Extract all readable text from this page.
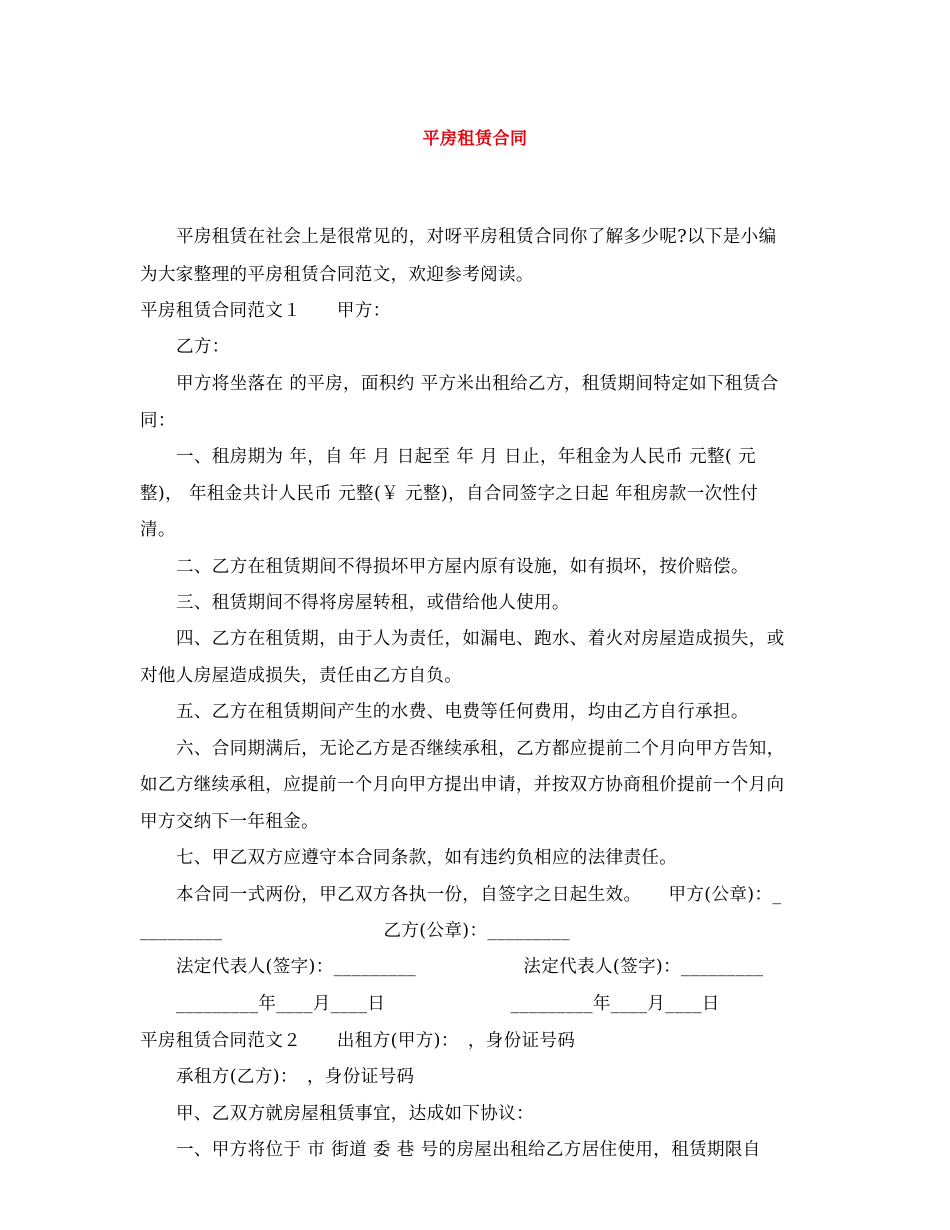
平房租赁合同
平房租赁在社会上是很常见的，对呀平房租赁合同你了解多少呢?以下是小编
为大家整理的平房租赁合同范文，欢迎参考阅读。
平房租赁合同范文１　　甲方：
乙方：
甲方将坐落在 的平房，面积约 平方米出租给乙方，租赁期间特定如下租赁合
同：
一、租房期为 年，自 年 月 日起至 年 月 日止，年租金为人民币 元整( 元
整)， 年租金共计人民币 元整(￥ 元整)，自合同签字之日起 年租房款一次性付
清。
二、乙方在租赁期间不得损坏甲方屋内原有设施，如有损坏，按价赔偿。
三、租赁期间不得将房屋转租，或借给他人使用。
四、乙方在租赁期，由于人为责任，如漏电、跑水、着火对房屋造成损失，或
对他人房屋造成损失，责任由乙方自负。
五、乙方在租赁期间产生的水费、电费等任何费用，均由乙方自行承担。
六、合同期满后，无论乙方是否继续承租，乙方都应提前二个月向甲方告知，
如乙方继续承租，应提前一个月向甲方提出申请，并按双方协商租价提前一个月向
甲方交纳下一年租金。
七、甲乙双方应遵守本合同条款，如有违约负相应的法律责任。
本合同一式两份，甲乙双方各执一份，自签字之日起生效。　　甲方(公章)：_
_________　　　　　　　　　乙方(公章)：_________
法定代表人(签字)：_________　　　　　　法定代表人(签字)：_________
_________年____月____日　　　　　　　_________年____月____日
平房租赁合同范文２　　出租方(甲方)：　，身份证号码
承租方(乙方)：　，身份证号码
甲、乙双方就房屋租赁事宜，达成如下协议：
一、甲方将位于 市 街道 委 巷 号的房屋出租给乙方居住使用，租赁期限自
